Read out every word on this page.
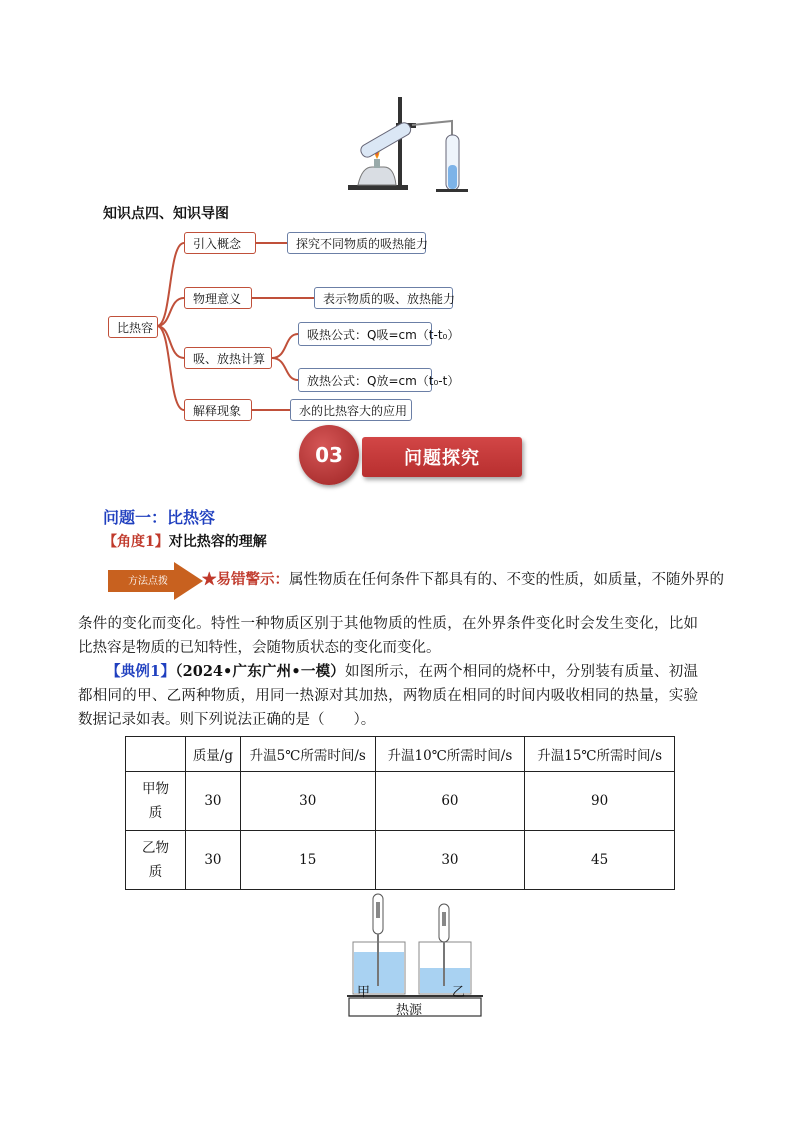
知识点四、知识导图
比热容
引入概念	探究不同物质的吸热能力
物理意义	表示物质的吸、放热能力
吸、放热计算
吸热公式：Q吸=cm（t-t₀）
放热公式：Q放=cm（t₀-t）
解释现象	水的比热容大的应用
问题探究
03
问题一：比热容
【角度1】对比热容的理解
方法点拨 ★易错警示：属性物质在任何条件下都具有的、不变的性质，如质量，不随外界的
条件的变化而变化。特性一种物质区别于其他物质的性质，在外界条件变化时会发生变化，比如比热容是物质的已知特性，会随物质状态的变化而变化。
【典例1】（2024•广东广州•一模）如图所示，在两个相同的烧杯中，分别装有质量、初温都相同的甲、乙两种物质，用同一热源对其加热，两物质在相同的时间内吸收相同的热量，实验数据记录如表。则下列说法正确的是（　　）。
	质量/g	升温5℃所需时间/s	升温10℃所需时间/s	升温15℃所需时间/s
甲物质	30	30	60	90
乙物质	30	15	30	45
甲	乙
热源
